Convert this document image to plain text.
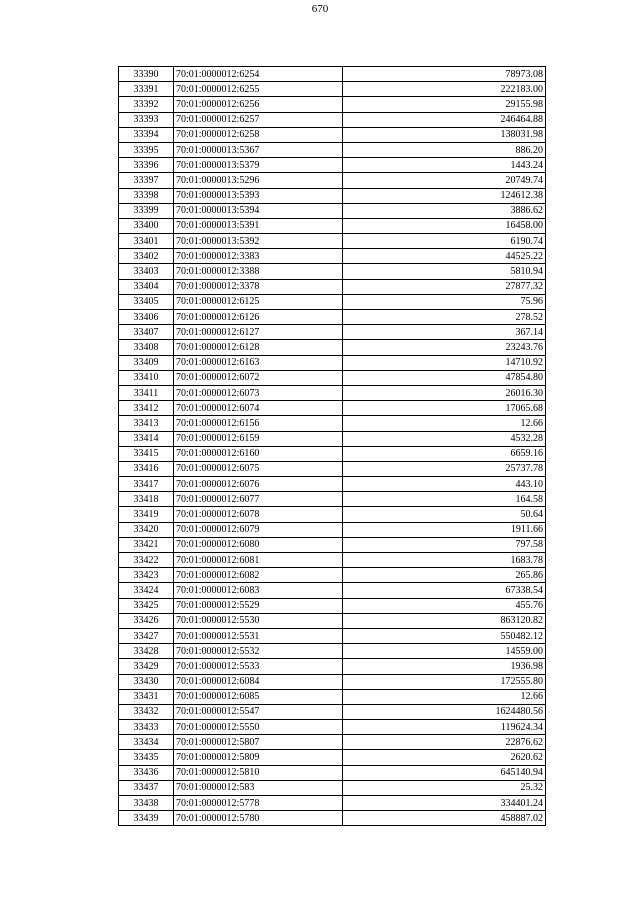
670
33390	70:01:0000012:6254	78973.08
33391	70:01:0000012:6255	222183.00
33392	70:01:0000012:6256	29155.98
33393	70:01:0000012:6257	246464.88
33394	70:01:0000012:6258	138031.98
33395	70:01:0000013:5367	886.20
33396	70:01:0000013:5379	1443.24
33397	70:01:0000013:5296	20749.74
33398	70:01:0000013:5393	124612.38
33399	70:01:0000013:5394	3886.62
33400	70:01:0000013:5391	16458.00
33401	70:01:0000013:5392	6190.74
33402	70:01:0000012:3383	44525.22
33403	70:01:0000012:3388	5810.94
33404	70:01:0000012:3378	27877.32
33405	70:01:0000012:6125	75.96
33406	70:01:0000012:6126	278.52
33407	70:01:0000012:6127	367.14
33408	70:01:0000012:6128	23243.76
33409	70:01:0000012:6163	14710.92
33410	70:01:0000012:6072	47854.80
33411	70:01:0000012:6073	26016.30
33412	70:01:0000012:6074	17065.68
33413	70:01:0000012:6156	12.66
33414	70:01:0000012:6159	4532.28
33415	70:01:0000012:6160	6659.16
33416	70:01:0000012:6075	25737.78
33417	70:01:0000012:6076	443.10
33418	70:01:0000012:6077	164.58
33419	70:01:0000012:6078	50.64
33420	70:01:0000012:6079	1911.66
33421	70:01:0000012:6080	797.58
33422	70:01:0000012:6081	1683.78
33423	70:01:0000012:6082	265.86
33424	70:01:0000012:6083	67338.54
33425	70:01:0000012:5529	455.76
33426	70:01:0000012:5530	863120.82
33427	70:01:0000012:5531	550482.12
33428	70:01:0000012:5532	14559.00
33429	70:01:0000012:5533	1936.98
33430	70:01:0000012:6084	172555.80
33431	70:01:0000012:6085	12.66
33432	70:01:0000012:5547	1624480.56
33433	70:01:0000012:5550	119624.34
33434	70:01:0000012:5807	22876.62
33435	70:01:0000012:5809	2620.62
33436	70:01:0000012:5810	645140.94
33437	70:01:0000012:583	25.32
33438	70:01:0000012:5778	334401.24
33439	70:01:0000012:5780	458887.02
